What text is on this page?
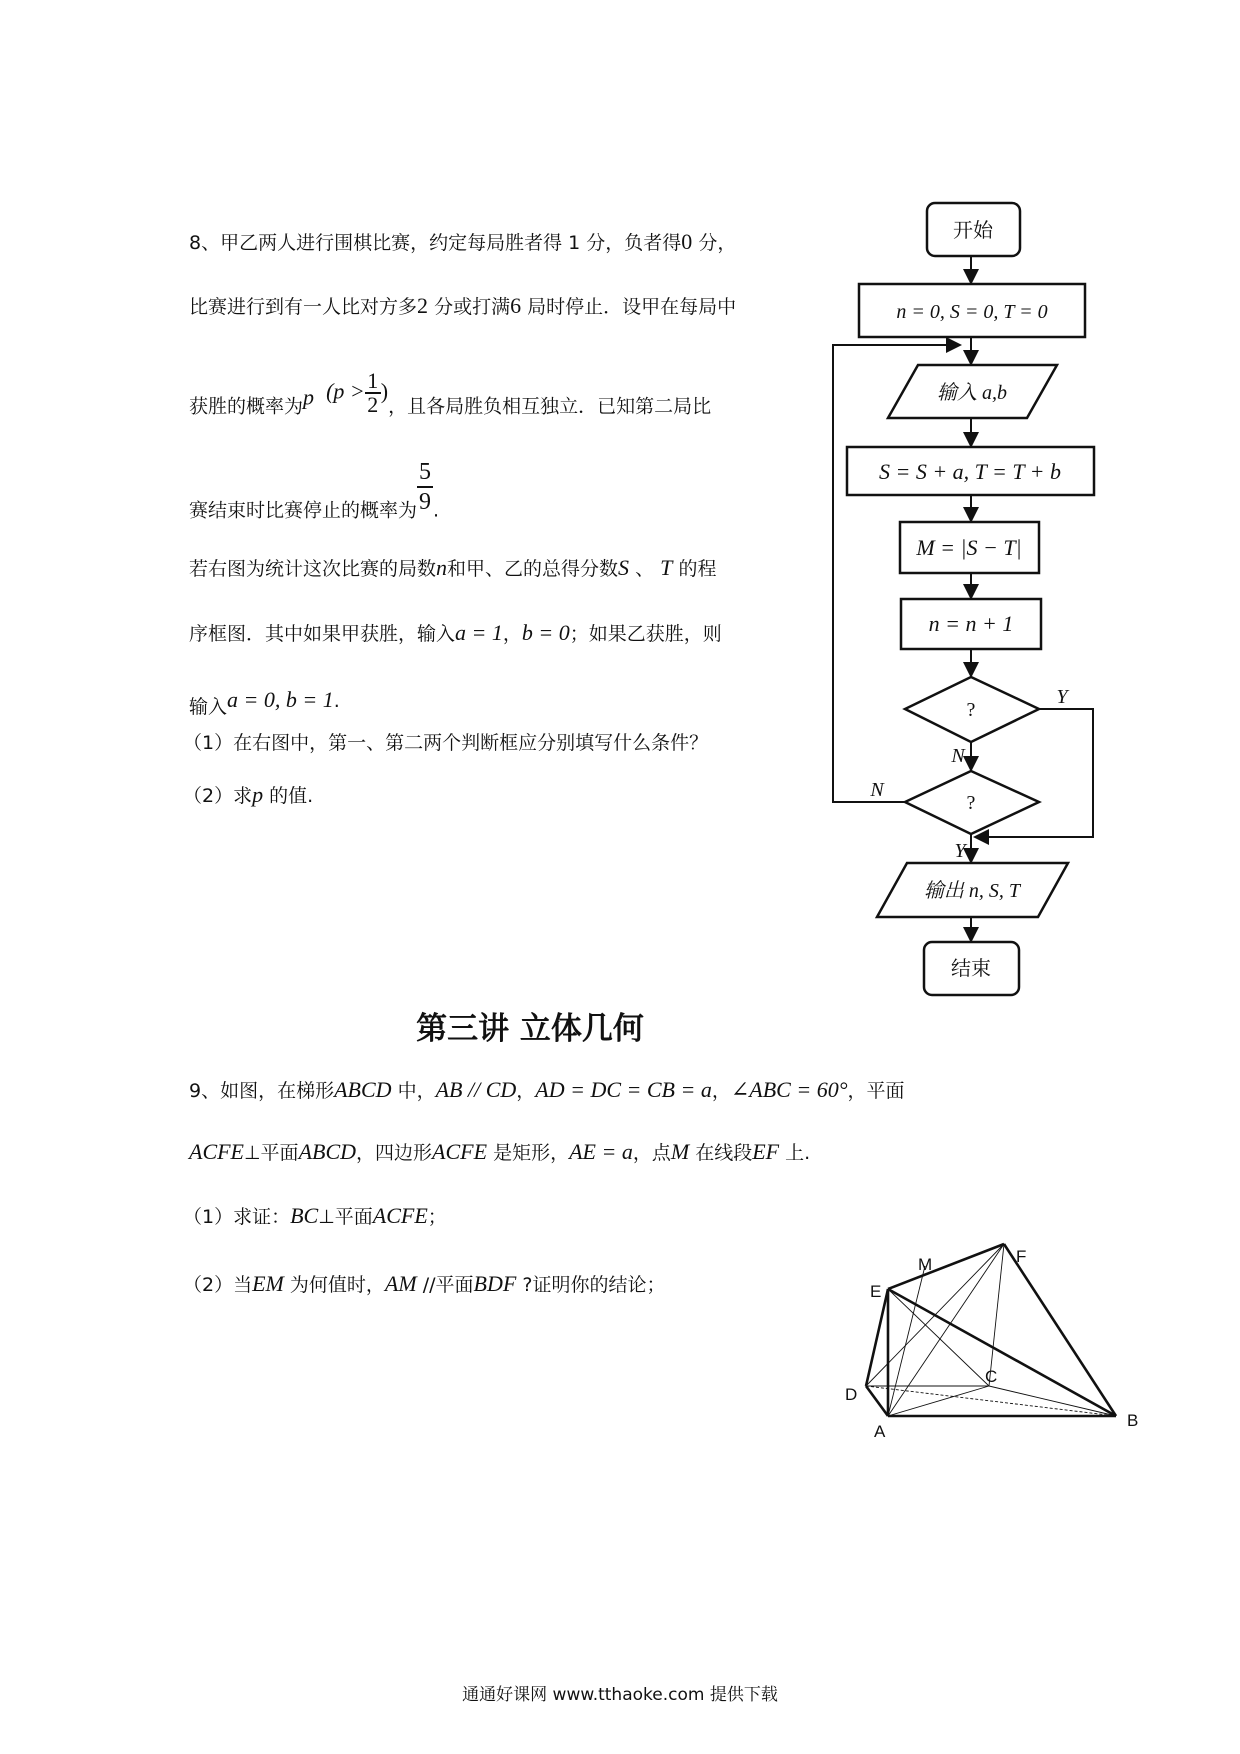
8、甲乙两人进行围棋比赛，约定每局胜者得 1 分，负者得0 分，
比赛进行到有一人比对方多2 分或打满6 局时停止．设甲在每局中
获胜的概率为p ($p > \frac{1}{2}$ )，且各局胜负相互独立．已知第二局比
赛结束时比赛停止的概率为 $\frac{5}{9}$ .
若右图为统计这次比赛的局数n和甲、乙的总得分数S 、 T 的程
序框图．其中如果甲获胜，输入a = 1，b = 0；如果乙获胜，则
输入a = 0, b = 1.
（1）在右图中，第一、第二两个判断框应分别填写什么条件？
（2）求p 的值.
开始
n = 0, S = 0, T = 0
输入 a,b
S = S + a, T = T + b
M = |S − T|
n = n + 1
?
?
Y
N
N
Y
输出 n, S, T
结束
第三讲 立体几何
9、如图，在梯形ABCD 中，AB // CD，AD = DC = CB = a，∠ABC = 60°，平面
ACFE⊥平面ABCD，四边形ACFE 是矩形，AE = a，点M 在线段EF 上.
（1）求证：BC⊥平面ACFE；
（2）当EM 为何值时，AM //平面BDF ?证明你的结论；
F
M
E
D
C
A
B
通通好课网 www.tthaoke.com 提供下载
